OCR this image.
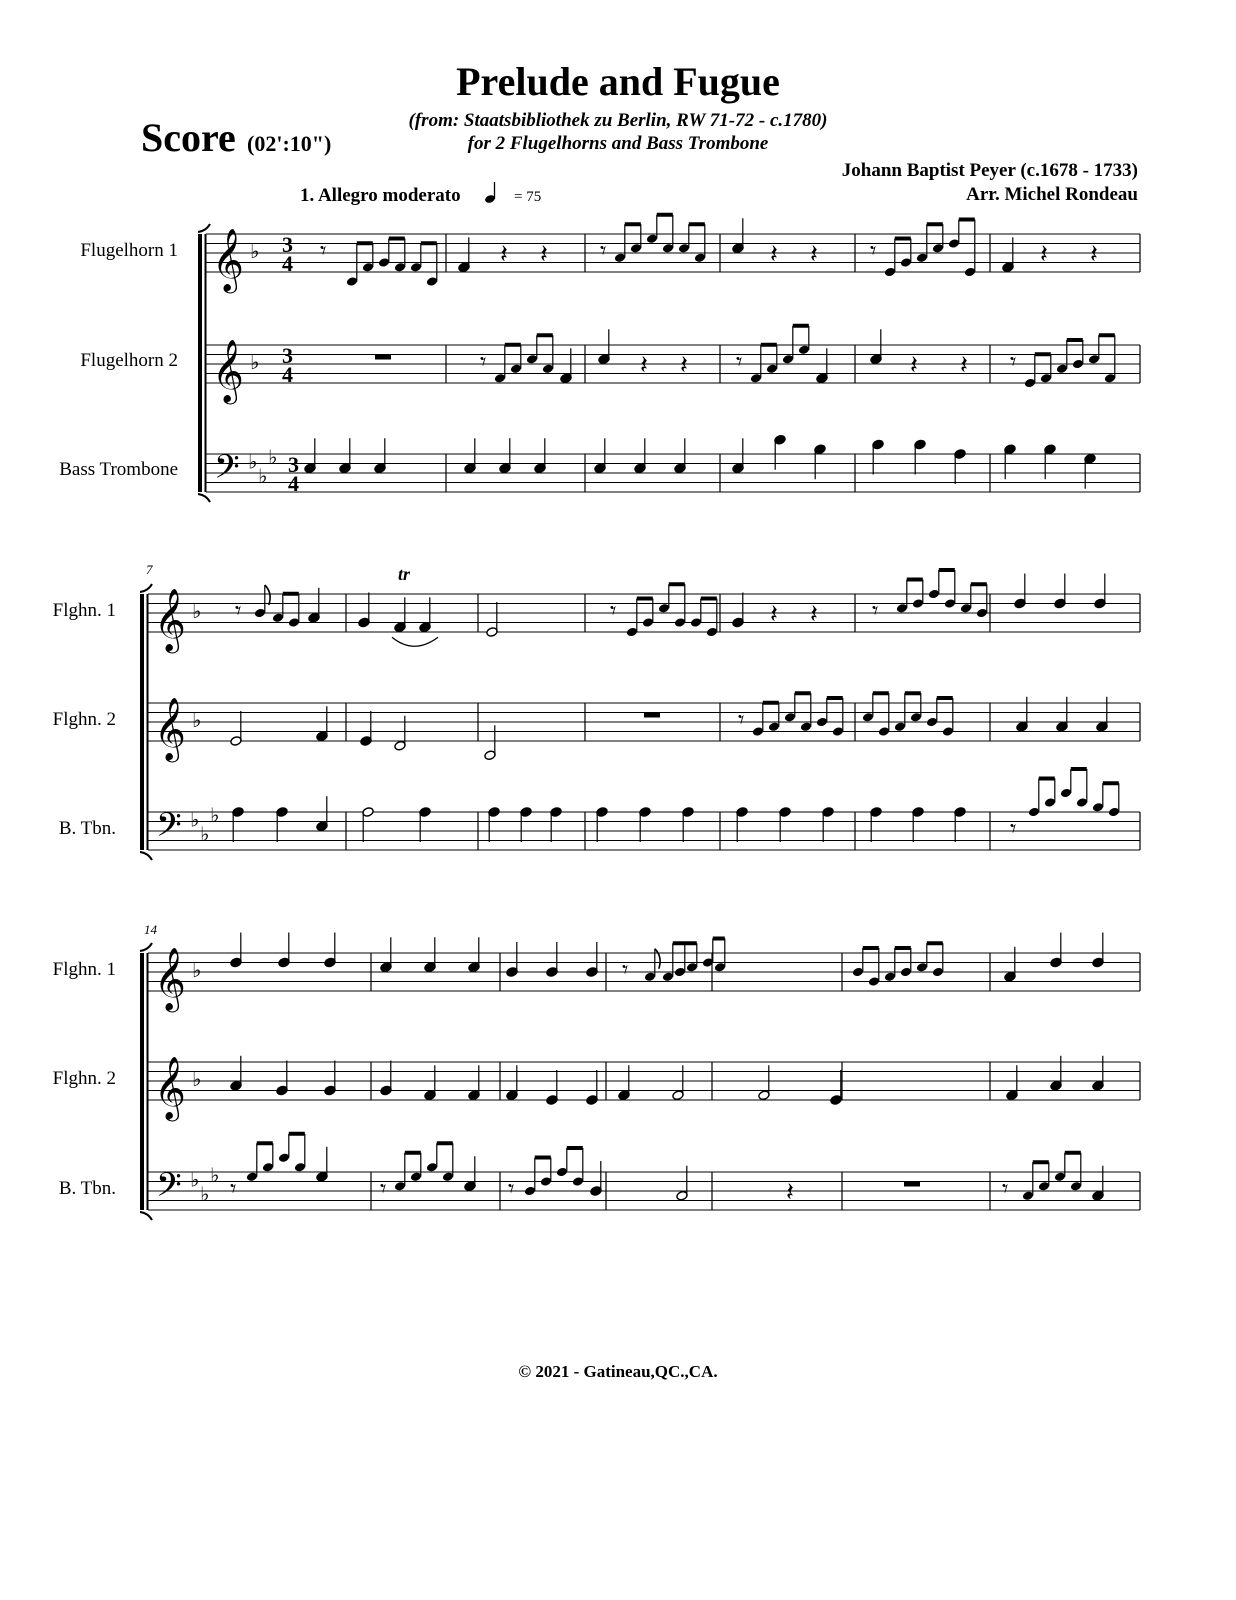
Prelude and Fugue
(from: Staatsbibliothek zu Berlin, RW 71-72 - c.1780)
for 2 Flugelhorns and Bass Trombone
Score (02':10")
Johann Baptist Peyer (c.1678 - 1733)
Arr. Michel Rondeau
1. Allegro moderato	= 75
Flugelhorn 1
Flugelhorn 2
Bass Trombone
Flghn. 1
Flghn. 2
B. Tbn.
Flghn. 1
Flghn. 2
B. Tbn.
7
14
© 2021 - Gatineau,QC.,CA.
𝄞
𝄞
𝄢
♭
♭
♭
♭
♭
3
4
3
4
3
4
𝄞
𝄞
𝄢
♭
♭
♭
♭
♭
𝄞
𝄞
𝄢
♭
♭
♭
♭
♭
𝄾	𝄽 𝄽 𝄾	𝄽 𝄽 𝄾	𝄽 𝄽
𝄾	𝄽 𝄽 𝄾	𝄽 𝄽 𝄾
𝄾
tr
𝄾	𝄽 𝄽 𝄾
𝄾
𝄾
𝄾
𝄾	𝄾	𝄾	𝄽	𝄾
